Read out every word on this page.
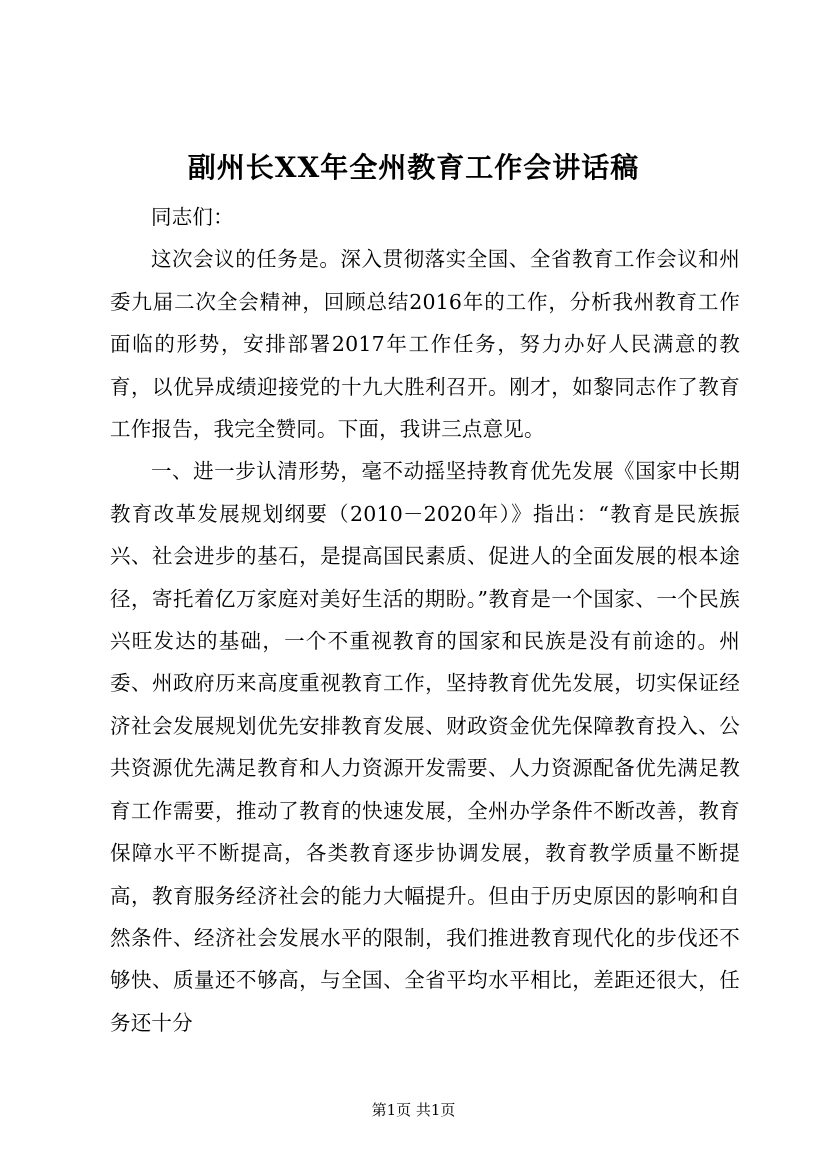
副州长XX年全州教育工作会讲话稿

同志们：

这次会议的任务是。深入贯彻落实全国、全省教育工作会议和州委九届二次全会精神，回顾总结2016年的工作，分析我州教育工作面临的形势，安排部署2017年工作任务，努力办好人民满意的教育，以优异成绩迎接党的十九大胜利召开。刚才，如黎同志作了教育工作报告，我完全赞同。下面，我讲三点意见。

一、进一步认清形势，毫不动摇坚持教育优先发展《国家中长期教育改革发展规划纲要（2010－2020年）》指出：“教育是民族振兴、社会进步的基石，是提高国民素质、促进人的全面发展的根本途径，寄托着亿万家庭对美好生活的期盼。”教育是一个国家、一个民族兴旺发达的基础，一个不重视教育的国家和民族是没有前途的。州委、州政府历来高度重视教育工作，坚持教育优先发展，切实保证经济社会发展规划优先安排教育发展、财政资金优先保障教育投入、公共资源优先满足教育和人力资源开发需要、人力资源配备优先满足教育工作需要，推动了教育的快速发展，全州办学条件不断改善，教育保障水平不断提高，各类教育逐步协调发展，教育教学质量不断提高，教育服务经济社会的能力大幅提升。但由于历史原因的影响和自然条件、经济社会发展水平的限制，我们推进教育现代化的步伐还不够快、质量还不够高，与全国、全省平均水平相比，差距还很大，任务还十分

第1页 共1页
